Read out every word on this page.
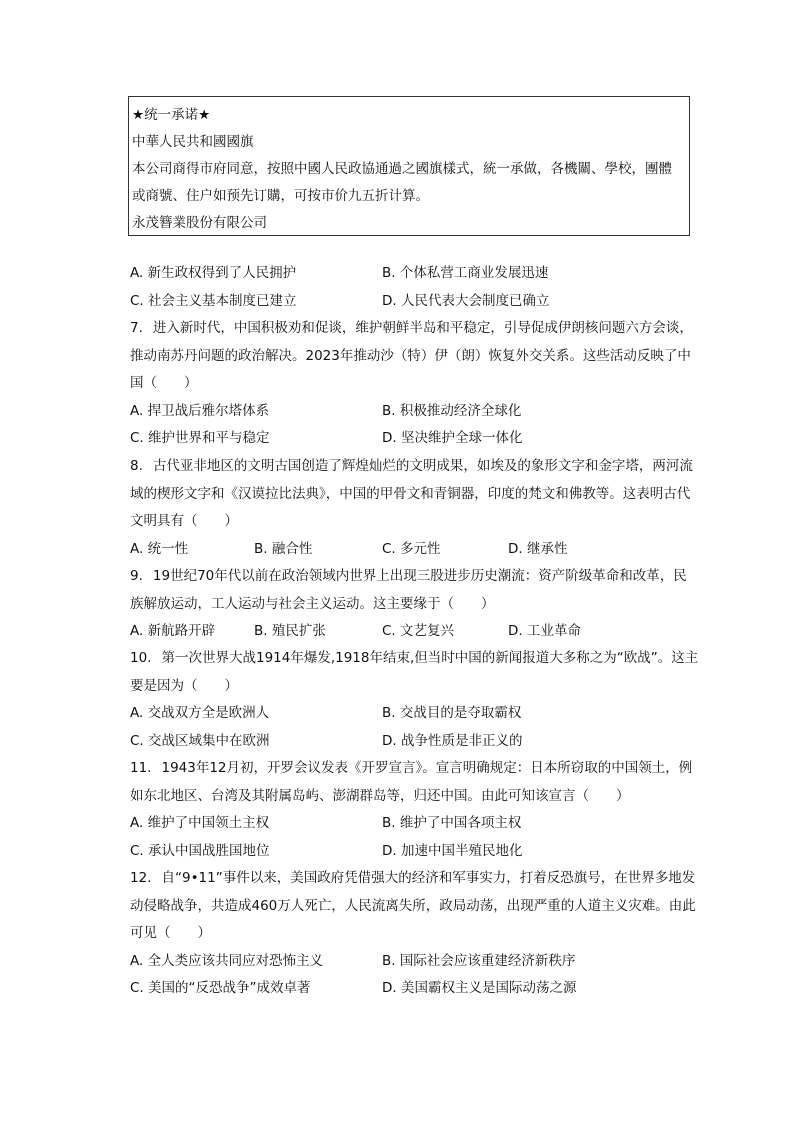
★统一承诺★
中華人民共和國國旗
本公司商得市府同意，按照中國人民政協通過之國旗樣式，統一承做，各機關、學校，團體
或商號、住户如预先订購，可按市价九五折计算。
永茂簪業股份有限公司
A. 新生政权得到了人民拥护	B. 个体私营工商业发展迅速
C. 社会主义基本制度已建立	D. 人民代表大会制度已确立
7. 进入新时代，中国积极劝和促谈，维护朝鲜半岛和平稳定，引导促成伊朗核问题六方会谈，推动南苏丹问题的政治解决。2023年推动沙（特）伊（朗）恢复外交关系。这些活动反映了中国（　　）
A. 捍卫战后雅尔塔体系	B. 积极推动经济全球化
C. 维护世界和平与稳定	D. 坚决维护全球一体化
8. 古代亚非地区的文明古国创造了辉煌灿烂的文明成果，如埃及的象形文字和金字塔，两河流域的楔形文字和《汉谟拉比法典》，中国的甲骨文和青铜器，印度的梵文和佛教等。这表明古代文明具有（　　）
A. 统一性	B. 融合性	C. 多元性	D. 继承性
9. 19世纪70年代以前在政治领域内世界上出现三股进步历史潮流：资产阶级革命和改革，民族解放运动，工人运动与社会主义运动。这主要缘于（　　）
A. 新航路开辟	B. 殖民扩张	C. 文艺复兴	D. 工业革命
10. 第一次世界大战1914年爆发,1918年结束,但当时中国的新闻报道大多称之为“欧战”。这主要是因为（　　）
A. 交战双方全是欧洲人	B. 交战目的是夺取霸权
C. 交战区域集中在欧洲	D. 战争性质是非正义的
11. 1943年12月初，开罗会议发表《开罗宣言》。宣言明确规定：日本所窃取的中国领土，例如东北地区、台湾及其附属岛屿、澎湖群岛等，归还中国。由此可知该宣言（　　）
A. 维护了中国领土主权	B. 维护了中国各项主权
C. 承认中国战胜国地位	D. 加速中国半殖民地化
12. 自“9•11”事件以来，美国政府凭借强大的经济和军事实力，打着反恐旗号，在世界多地发动侵略战争，共造成460万人死亡，人民流离失所，政局动荡，出现严重的人道主义灾难。由此可见（　　）
A. 全人类应该共同应对恐怖主义	B. 国际社会应该重建经济新秩序
C. 美国的“反恐战争”成效卓著	D. 美国霸权主义是国际动荡之源
